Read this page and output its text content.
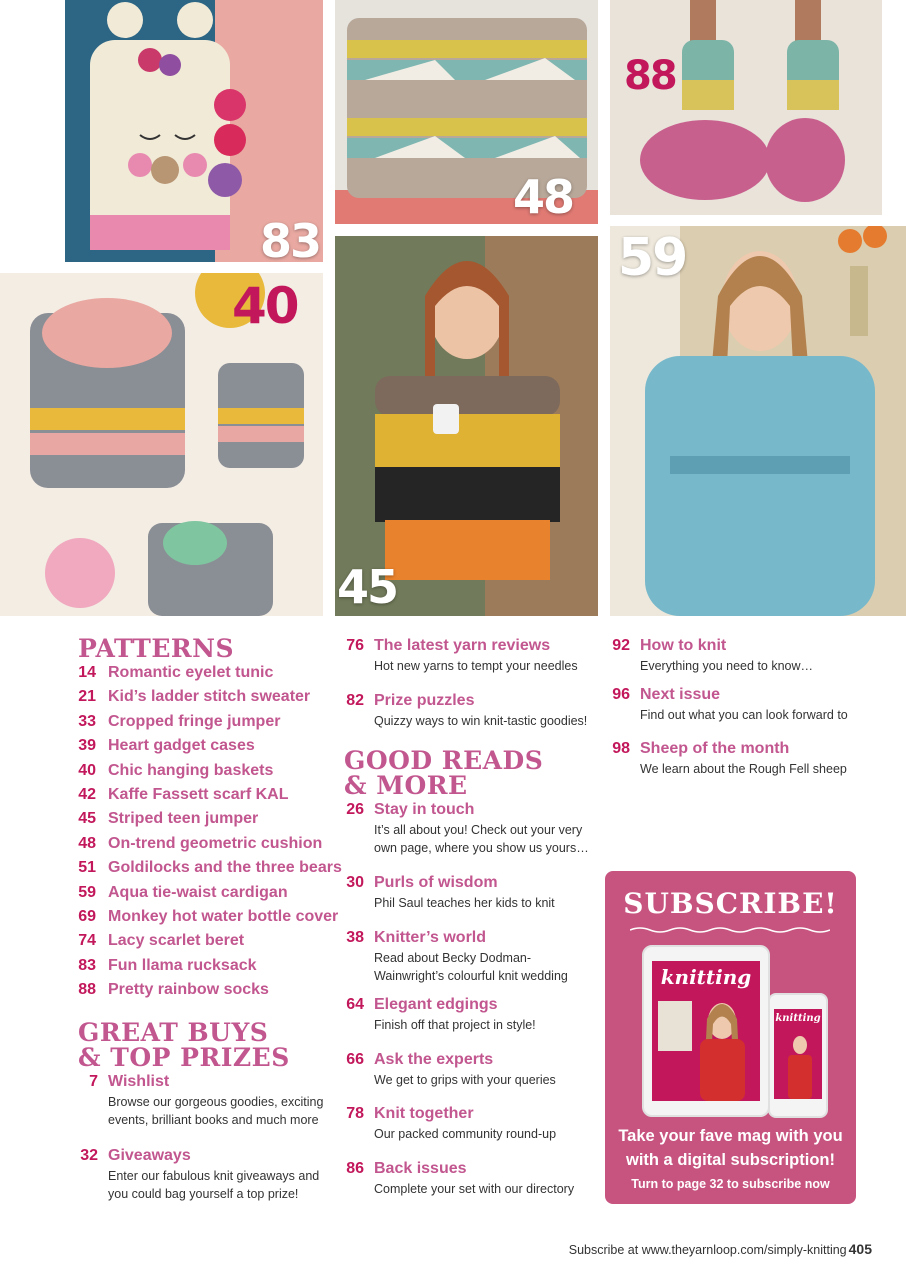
83
48
88
40
45
59
PATTERNS
14 Romantic eyelet tunic
21 Kid’s ladder stitch sweater
33 Cropped fringe jumper
39 Heart gadget cases
40 Chic hanging baskets
42 Kaffe Fassett scarf KAL
45 Striped teen jumper
48 On-trend geometric cushion
51 Goldilocks and the three bears
59 Aqua tie-waist cardigan
69 Monkey hot water bottle cover
74 Lacy scarlet beret
83 Fun llama rucksack
88 Pretty rainbow socks
GREAT BUYS
& TOP PRIZES
7 Wishlist
Browse our gorgeous goodies, exciting
events, brilliant books and much more
32 Giveaways
Enter our fabulous knit giveaways and
you could bag yourself a top prize!
76 The latest yarn reviews
Hot new yarns to tempt your needles
82 Prize puzzles
Quizzy ways to win knit-tastic goodies!
GOOD READS
& MORE
26 Stay in touch
It’s all about you! Check out your very
own page, where you show us yours…
30 Purls of wisdom
Phil Saul teaches her kids to knit
38 Knitter’s world
Read about Becky Dodman-
Wainwright’s colourful knit wedding
64 Elegant edgings
Finish off that project in style!
66 Ask the experts
We get to grips with your queries
78 Knit together
Our packed community round-up
86 Back issues
Complete your set with our directory
92 How to knit
Everything you need to know…
96 Next issue
Find out what you can look forward to
98 Sheep of the month
We learn about the Rough Fell sheep
SUBSCRIBE!
knitting
knitting
Take your fave mag with you
with a digital subscription!
Turn to page 32 to subscribe now
Subscribe at www.theyarnloop.com/simply-knitting 405
